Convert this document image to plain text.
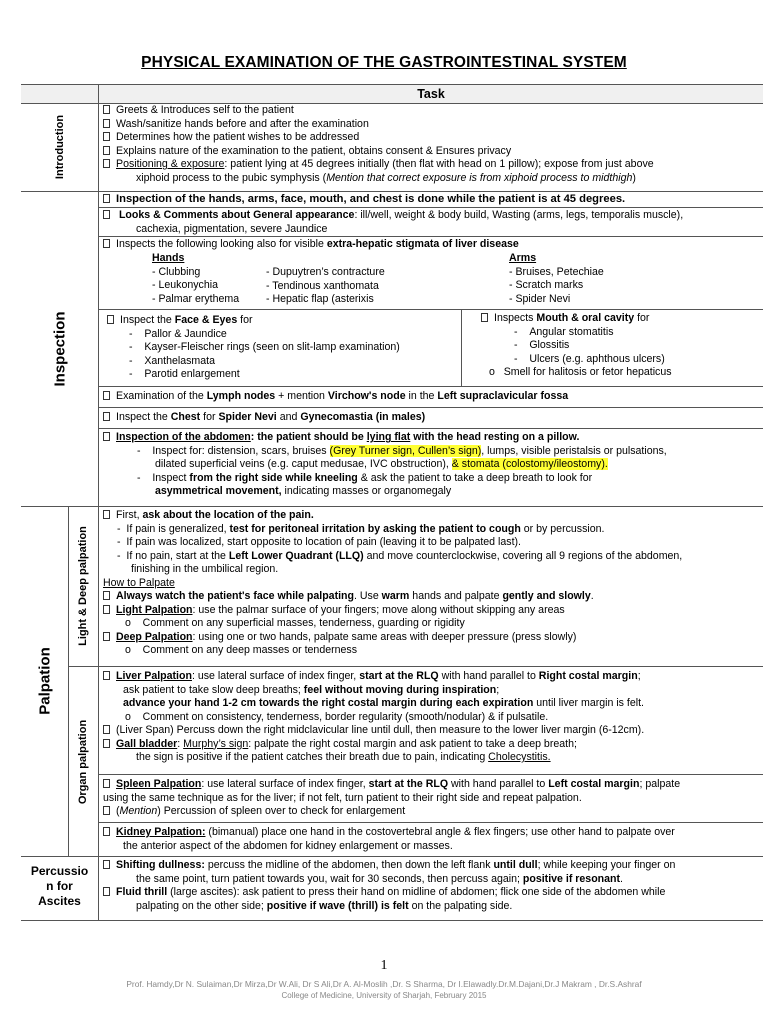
PHYSICAL EXAMINATION OF THE GASTROINTESTINAL SYSTEM
Task
Introduction
Greets & Introduces self to the patient
Wash/sanitize hands before and after the examination
Determines how the patient wishes to be addressed
Explains nature of the examination to the patient, obtains consent & Ensures privacy
Positioning & exposure: patient lying at 45 degrees initially (then flat with head on 1 pillow); expose from just above
xiphoid process to the pubic symphysis (Mention that correct exposure is from xiphoid process to midthigh)
Inspection
Inspection of the hands, arms, face, mouth, and chest is done while the patient is at 45 degrees.
Looks & Comments about General appearance: ill/well, weight & body build, Wasting (arms, legs, temporalis muscle),
cachexia, pigmentation, severe Jaundice
Inspects the following looking also for visible extra-hepatic stigmata of liver disease
Hands
- Clubbing
- Leukonychia
- Palmar erythema
- Dupuytren’s contracture
- Tendinous xanthomata
- Hepatic flap (asterixis
Arms
- Bruises, Petechiae
- Scratch marks
- Spider Nevi
Inspect the Face & Eyes for
-    Pallor & Jaundice
-    Kayser-Fleischer rings (seen on slit-lamp examination)
-    Xanthelasmata
-    Parotid enlargement
Inspects Mouth & oral cavity for
-    Angular stomatitis
-    Glossitis
-    Ulcers (e.g. aphthous ulcers)
o   Smell for halitosis or fetor hepaticus
Examination of the Lymph nodes + mention Virchow's node in the Left supraclavicular fossa
Inspect the Chest for Spider Nevi and Gynecomastia (in males)
Inspection of the abdomen: the patient should be lying flat with the head resting on a pillow.
-    Inspect for: distension, scars, bruises (Grey Turner sign, Cullen’s sign), lumps, visible peristalsis or pulsations,
dilated superficial veins (e.g. caput medusae, IVC obstruction), & stomata (colostomy/ileostomy).
-    Inspect from the right side while kneeling & ask the patient to take a deep breath to look for
asymmetrical movement, indicating masses or organomegaly
Palpation
Light & Deep palpation
Organ palpation
First, ask about the location of the pain.
-  If pain is generalized, test for peritoneal irritation by asking the patient to cough or by percussion.
-  If pain was localized, start opposite to location of pain (leaving it to be palpated last).
-  If no pain, start at the Left Lower Quadrant (LLQ) and move counterclockwise, covering all 9 regions of the abdomen,
finishing in the umbilical region.
How to Palpate
Always watch the patient's face while palpating. Use warm hands and palpate gently and slowly.
Light Palpation: use the palmar surface of your fingers; move along without skipping any areas
o    Comment on any superficial masses, tenderness, guarding or rigidity
Deep Palpation: using one or two hands, palpate same areas with deeper pressure (press slowly)
o    Comment on any deep masses or tenderness
Liver Palpation: use lateral surface of index finger, start at the RLQ with hand parallel to Right costal margin;
ask patient to take slow deep breaths; feel without moving during inspiration;
advance your hand 1-2 cm towards the right costal margin during each expiration until liver margin is felt.
o    Comment on consistency, tenderness, border regularity (smooth/nodular) & if pulsatile.
(Liver Span) Percuss down the right midclavicular line until dull, then measure to the lower liver margin (6-12cm).
Gall bladder: Murphy’s sign: palpate the right costal margin and ask patient to take a deep breath;
the sign is positive if the patient catches their breath due to pain, indicating Cholecystitis.
Spleen Palpation: use lateral surface of index finger, start at the RLQ with hand parallel to Left costal margin; palpate
using the same technique as for the liver; if not felt, turn patient to their right side and repeat palpation.
(Mention) Percussion of spleen over to check for enlargement
Kidney Palpation: (bimanual) place one hand in the costovertebral angle & flex fingers; use other hand to palpate over
the anterior aspect of the abdomen for kidney enlargement or masses.
Percussio
n for
Ascites
Shifting dullness: percuss the midline of the abdomen, then down the left flank until dull; while keeping your finger on
the same point, turn patient towards you, wait for 30 seconds, then percuss again; positive if resonant.
Fluid thrill (large ascites): ask patient to press their hand on midline of abdomen; flick one side of the abdomen while
palpating on the other side; positive if wave (thrill) is felt on the palpating side.
1
Prof. Hamdy,Dr N. Sulaiman,Dr Mirza,Dr W.Ali, Dr S Ali,Dr A. Al-Moslih ,Dr. S Sharma, Dr I.Elawadly.Dr.M.Dajani,Dr.J Makram , Dr.S.Ashraf
College of Medicine, University of Sharjah, February 2015
